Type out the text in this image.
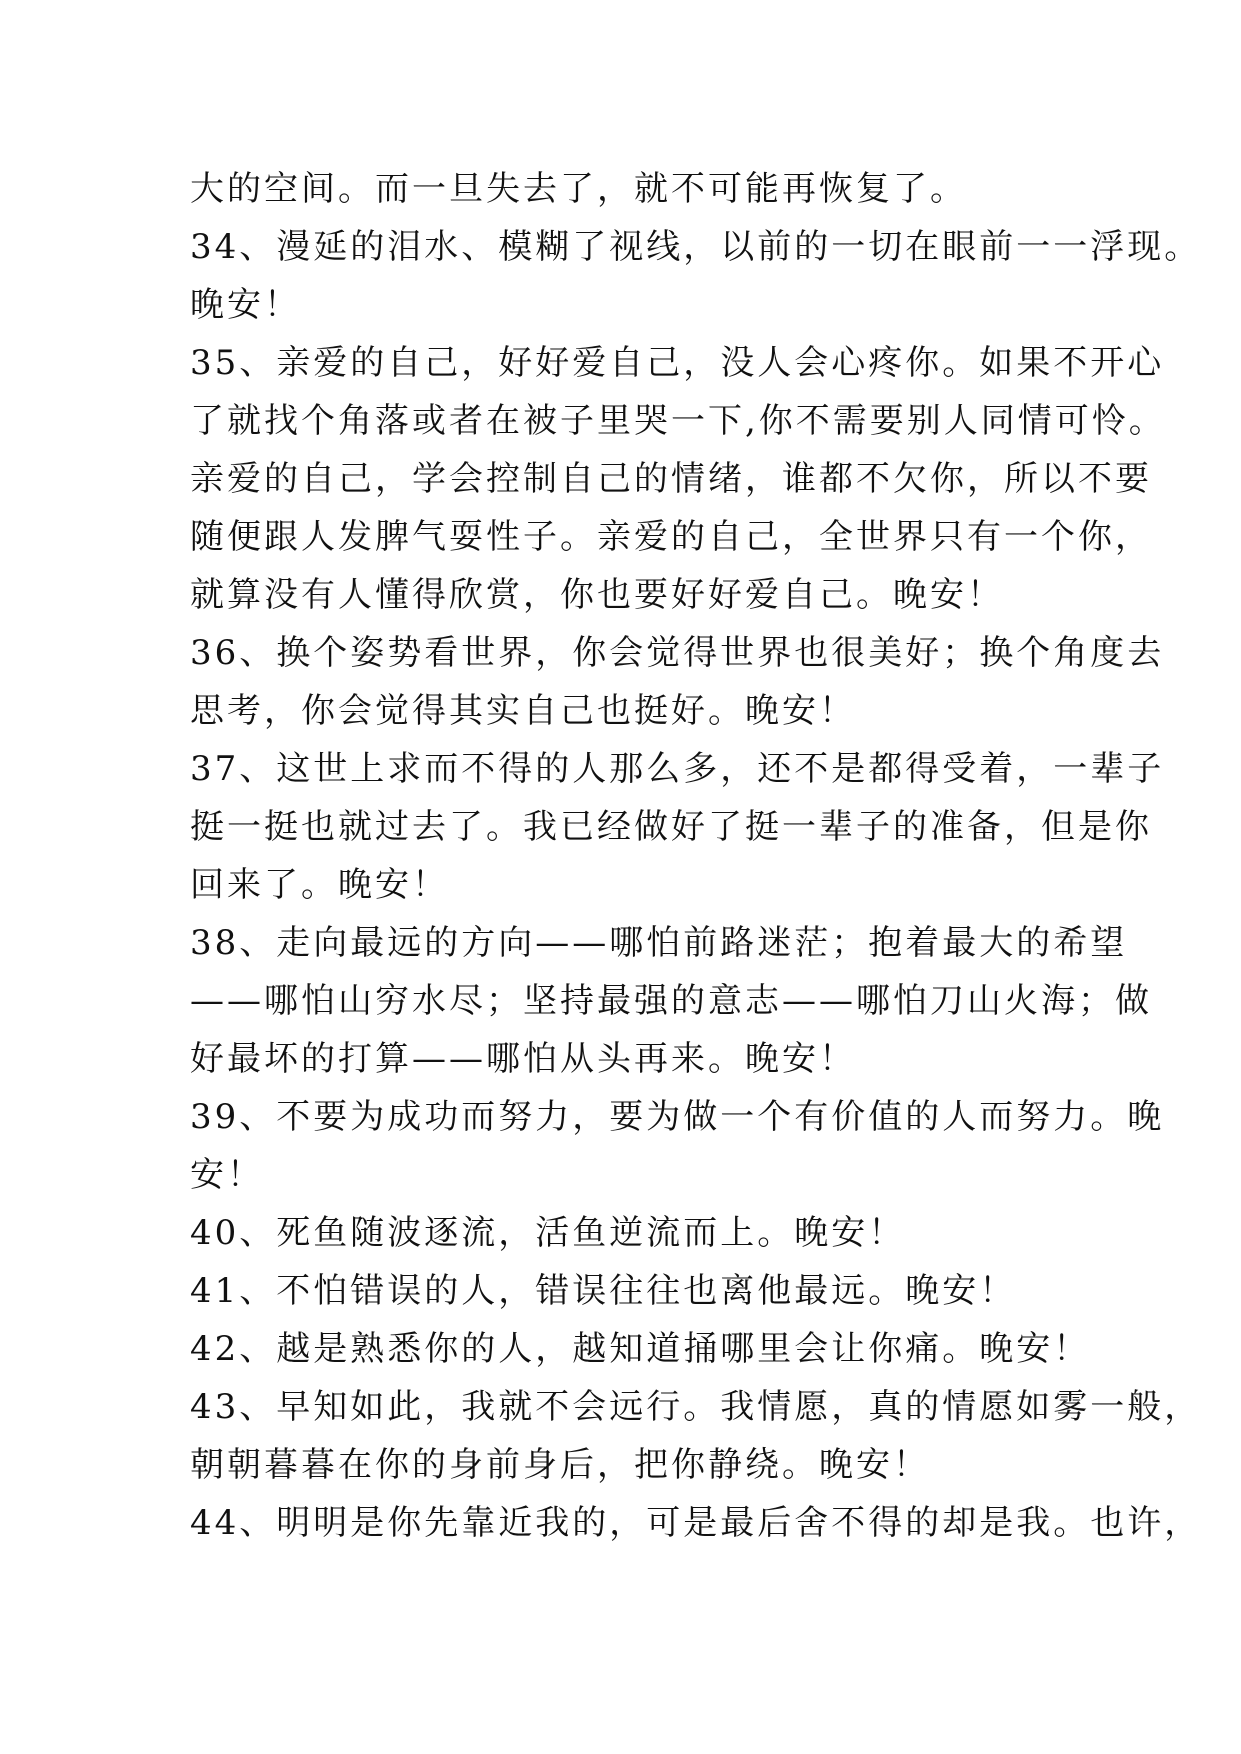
大的空间。而一旦失去了，就不可能再恢复了。
34、漫延的泪水、模糊了视线，以前的一切在眼前一一浮现。
晚安！
35、亲爱的自己，好好爱自己，没人会心疼你。如果不开心
了就找个角落或者在被子里哭一下,你不需要别人同情可怜。
亲爱的自己，学会控制自己的情绪，谁都不欠你，所以不要
随便跟人发脾气耍性子。亲爱的自己，全世界只有一个你，
就算没有人懂得欣赏，你也要好好爱自己。晚安！
36、换个姿势看世界，你会觉得世界也很美好；换个角度去
思考，你会觉得其实自己也挺好。晚安！
37、这世上求而不得的人那么多，还不是都得受着，一辈子
挺一挺也就过去了。我已经做好了挺一辈子的准备，但是你
回来了。晚安！
38、走向最远的方向——哪怕前路迷茫；抱着最大的希望
——哪怕山穷水尽；坚持最强的意志——哪怕刀山火海；做
好最坏的打算——哪怕从头再来。晚安！
39、不要为成功而努力，要为做一个有价值的人而努力。晚
安！
40、死鱼随波逐流，活鱼逆流而上。晚安！
41、不怕错误的人，错误往往也离他最远。晚安！
42、越是熟悉你的人，越知道捅哪里会让你痛。晚安！
43、早知如此，我就不会远行。我情愿，真的情愿如雾一般，
朝朝暮暮在你的身前身后，把你静绕。晚安！
44、明明是你先靠近我的，可是最后舍不得的却是我。也许，
